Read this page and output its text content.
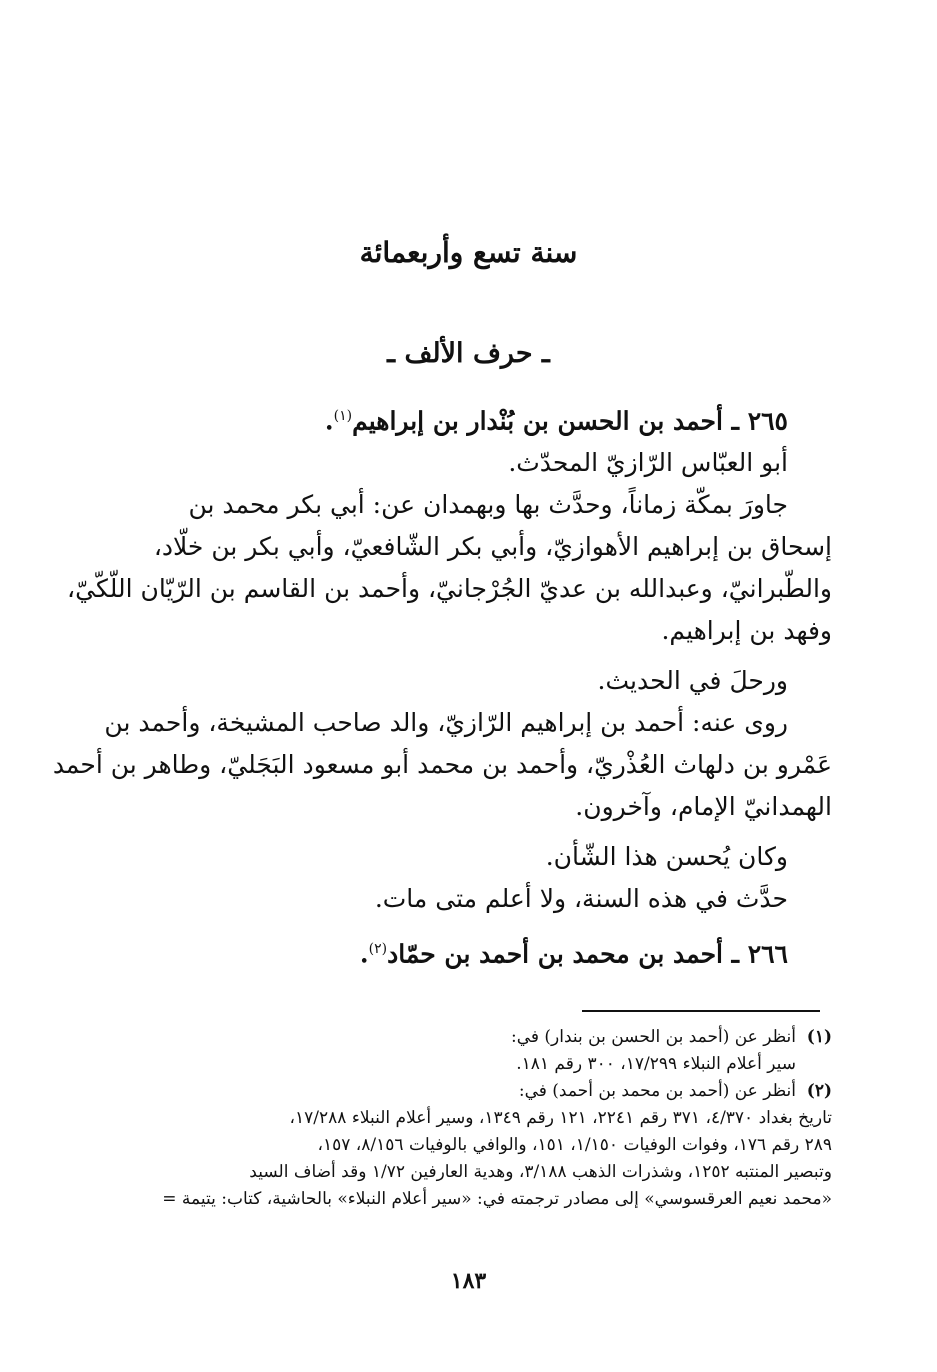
سنة تسع وأربعمائة
ـ حرف الألف ـ

٢٦٥ ـ أحمد بن الحسن بن بُنْدار بن إبراهيم$^{(١)}$.

أبو العبّاس الرّازيّ المحدّث.

جاورَ بمكّة زماناً، وحدَّث بها وبهمدان عن: أبي بكر محمد بن

إسحاق بن إبراهيم الأهوازيّ، وأبي بكر الشّافعيّ، وأبي بكر بن خلّاد،

والطّبرانيّ، وعبدالله بن عديّ الجُرْجانيّ، وأحمد بن القاسم بن الرّيّان اللّكّيّ،

وفهد بن إبراهيم.

ورحلَ في الحديث.

روى عنه: أحمد بن إبراهيم الرّازيّ، والد صاحب المشيخة، وأحمد بن

عَمْرو بن دلهاث العُذْريّ، وأحمد بن محمد أبو مسعود البَجَليّ، وطاهر بن أحمد

الهمدانيّ الإمام، وآخرون.

وكان يُحسن هذا الشّأن.

حدَّث في هذه السنة، ولا أعلم متى مات.

٢٦٦ ـ أحمد بن محمد بن أحمد بن حمّاد$^{(٢)}$.

(١)أنظر عن (أحمد بن الحسن بن بندار) في:

سير أعلام النبلاء ١٧/٢٩٩، ٣٠٠ رقم ١٨١.

(٢)أنظر عن (أحمد بن محمد بن أحمد) في:

تاريخ بغداد ٤/٣٧٠، ٣٧١ رقم ٢٢٤١، ١٢١ رقم ١٣٤٩، وسير أعلام النبلاء ١٧/٢٨٨،

٢٨٩ رقم ١٧٦، وفوات الوفيات ١/١٥٠، ١٥١، والوافي بالوفيات ٨/١٥٦، ١٥٧،

وتبصير المنتبه ١٢٥٢، وشذرات الذهب ٣/١٨٨، وهدية العارفين ١/٧٢ وقد أضاف السيد

«محمد نعيم العرقسوسي» إلى مصادر ترجمته في: «سير أعلام النبلاء» بالحاشية، كتاب: يتيمة =

١٨٣
